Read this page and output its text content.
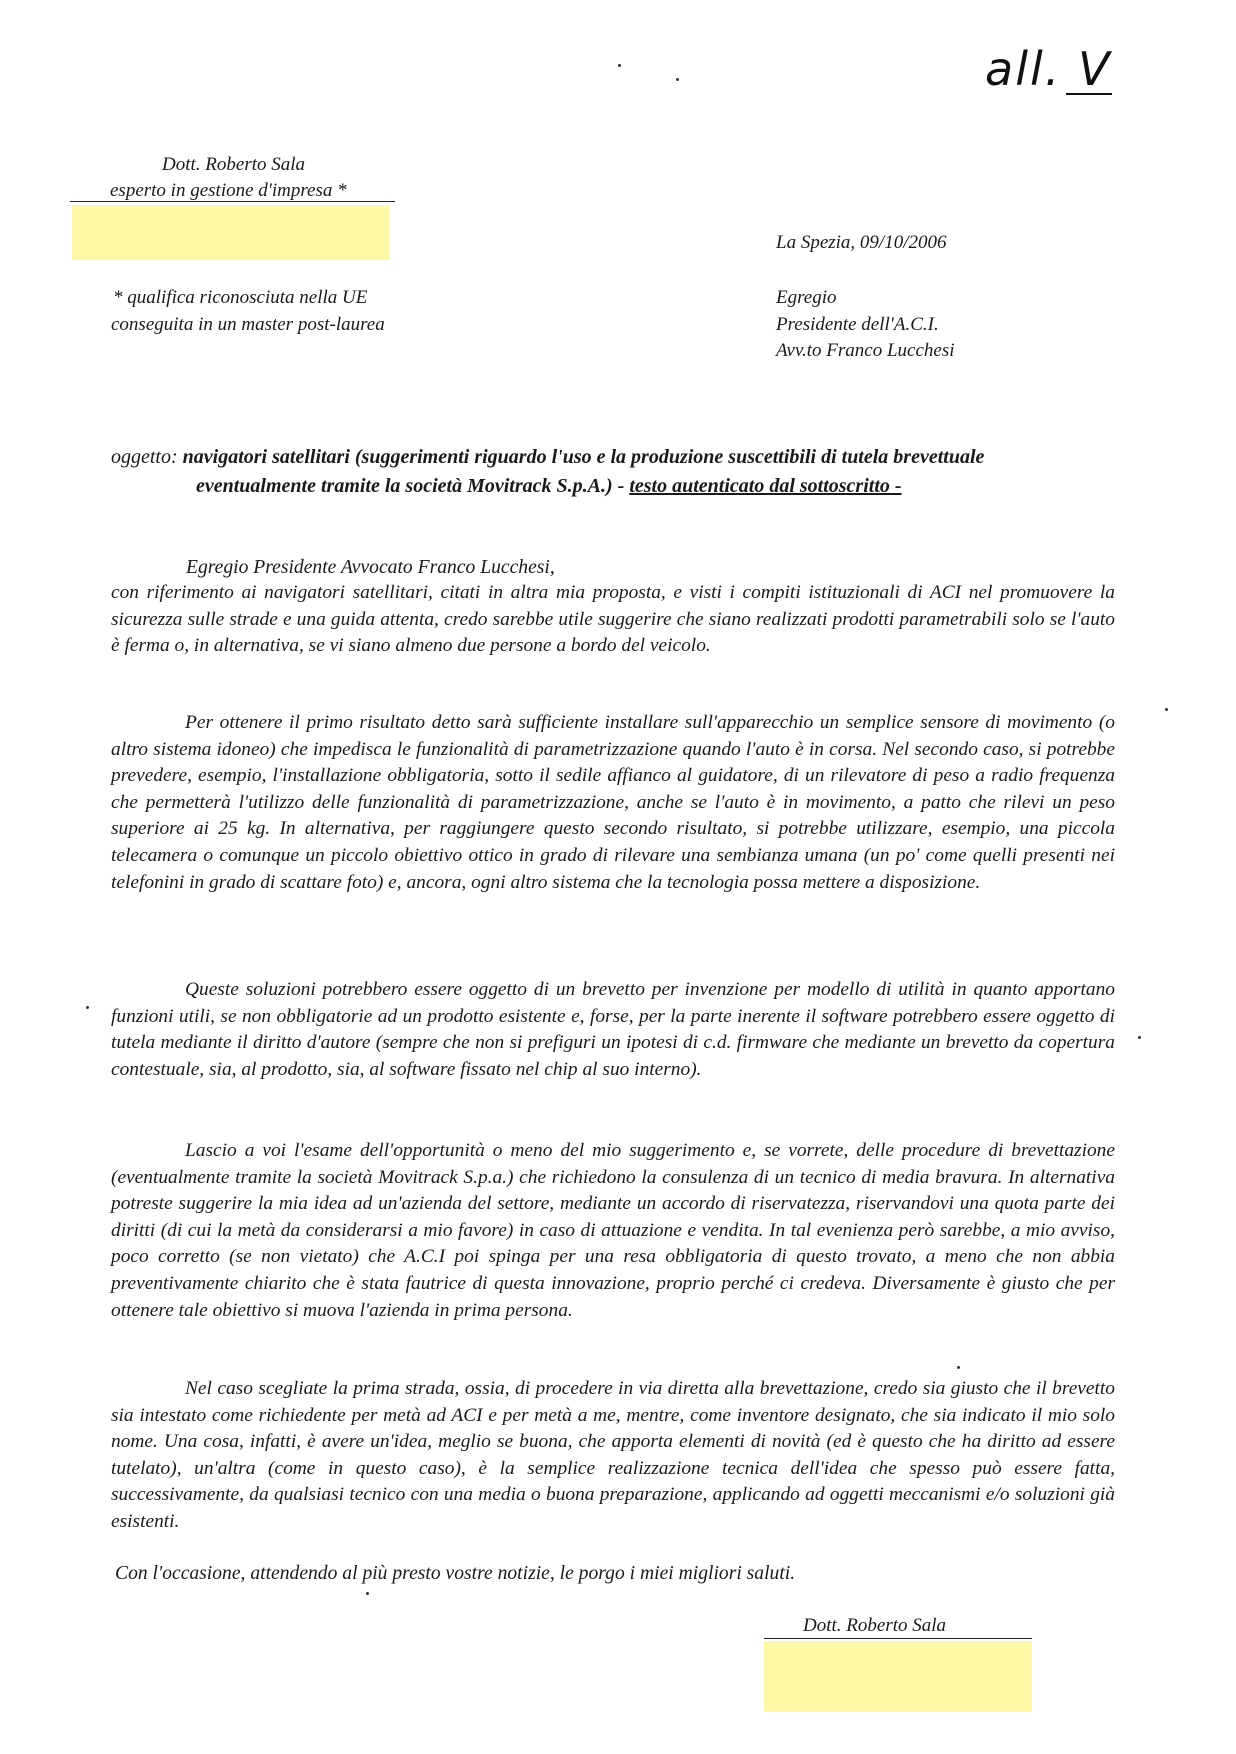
all. V
Dott. Roberto Sala
esperto in gestione d'impresa *
* qualifica riconosciuta nella UE
conseguita in un master post-laurea
La Spezia, 09/10/2006
Egregio
Presidente dell'A.C.I.
Avv.to Franco Lucchesi
oggetto: navigatori satellitari (suggerimenti riguardo l'uso e la produzione suscettibili di tutela brevettuale
eventualmente tramite la società Movitrack S.p.A.) - testo autenticato dal sottoscritto -
Egregio Presidente Avvocato Franco Lucchesi,

con riferimento ai navigatori satellitari, citati in altra mia proposta, e visti i compiti istituzionali di ACI nel promuovere la sicurezza sulle strade e una guida attenta, credo sarebbe utile suggerire che siano realizzati prodotti parametrabili solo se l'auto è ferma o, in alternativa, se vi siano almeno due persone a bordo del veicolo.

Per ottenere il primo risultato detto sarà sufficiente installare sull'apparecchio un semplice sensore di movimento (o altro sistema idoneo) che impedisca le funzionalità di parametrizzazione quando l'auto è in corsa. Nel secondo caso, si potrebbe prevedere, esempio, l'installazione obbligatoria, sotto il sedile affianco al guidatore, di un rilevatore di peso a radio frequenza che permetterà l'utilizzo delle funzionalità di parametrizzazione, anche se l'auto è in movimento, a patto che rilevi un peso superiore ai 25 kg. In alternativa, per raggiungere questo secondo risultato, si potrebbe utilizzare, esempio, una piccola telecamera o comunque un piccolo obiettivo ottico in grado di rilevare una sembianza umana (un po' come quelli presenti nei telefonini in grado di scattare foto) e, ancora, ogni altro sistema che la tecnologia possa mettere a disposizione.

Queste soluzioni potrebbero essere oggetto di un brevetto per invenzione per modello di utilità in quanto apportano funzioni utili, se non obbligatorie ad un prodotto esistente e, forse, per la parte inerente il software potrebbero essere oggetto di tutela mediante il diritto d'autore (sempre che non si prefiguri un ipotesi di c.d. firmware che mediante un brevetto da copertura contestuale, sia, al prodotto, sia, al software fissato nel chip al suo interno).

Lascio a voi l'esame dell'opportunità o meno del mio suggerimento e, se vorrete, delle procedure di brevettazione (eventualmente tramite la società Movitrack S.p.a.) che richiedono la consulenza di un tecnico di media bravura. In alternativa potreste suggerire la mia idea ad un'azienda del settore, mediante un accordo di riservatezza, riservandovi una quota parte dei diritti (di cui la metà da considerarsi a mio favore) in caso di attuazione e vendita. In tal evenienza però sarebbe, a mio avviso, poco corretto (se non vietato) che A.C.I poi spinga per una resa obbligatoria di questo trovato, a meno che non abbia preventivamente chiarito che è stata fautrice di questa innovazione, proprio perché ci credeva. Diversamente è giusto che per ottenere tale obiettivo si muova l'azienda in prima persona.

Nel caso scegliate la prima strada, ossia, di procedere in via diretta alla brevettazione, credo sia giusto che il brevetto sia intestato come richiedente per metà ad ACI e per metà a me, mentre, come inventore designato, che sia indicato il mio solo nome. Una cosa, infatti, è avere un'idea, meglio se buona, che apporta elementi di novità (ed è questo che ha diritto ad essere tutelato), un'altra (come in questo caso), è la semplice realizzazione tecnica dell'idea che spesso può essere fatta, successivamente, da qualsiasi tecnico con una media o buona preparazione, applicando ad oggetti meccanismi e/o soluzioni già esistenti.

Con l'occasione, attendendo al più presto vostre notizie, le porgo i miei migliori saluti.
Dott. Roberto Sala
